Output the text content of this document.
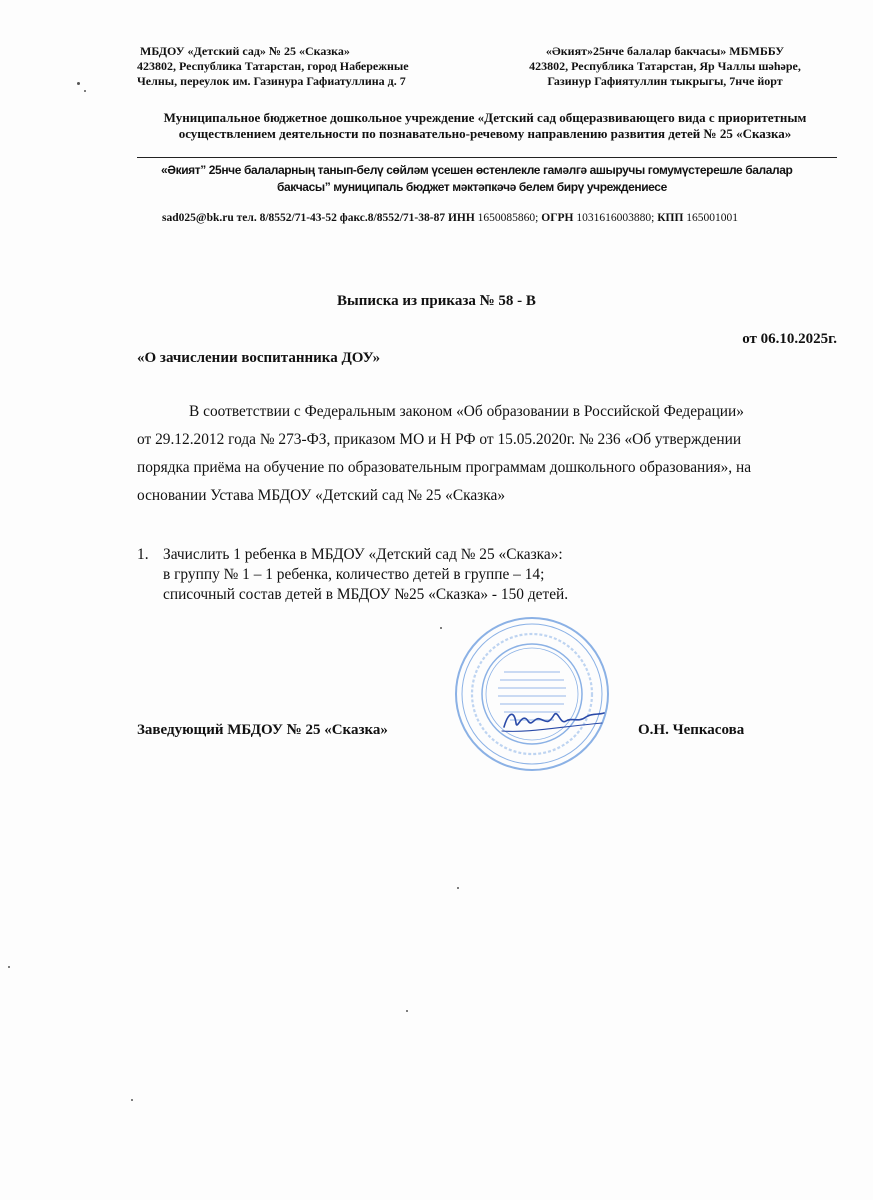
МБДОУ «Детский сад» № 25 «Сказка»
423802, Республика Татарстан, город Набережные
Челны, переулок им. Газинура Гафиатуллина д. 7
«Әкият»25нче балалар бакчасы» МБМББУ
423802, Республика Татарстан, Яр Чаллы шәһәре,
Газинур Гафиятуллин тыкрыгы, 7нче йорт
Муниципальное бюджетное дошкольное учреждение «Детский сад общеразвивающего вида с приоритетным осуществлением деятельности по познавательно-речевому направлению развития детей № 25 «Сказка»
«Әкият” 25нче балаларның танып-белү сөйләм үсешен өстенлекле гамәлгә ашыручы гомумүстерешле балалар
бакчасы” муниципаль бюджет мәктәпкәчә белем бирү учреждениесе
sad025@bk.ru тел. 8/8552/71-43-52 факс.8/8552/71-38-87 ИНН 1650085860; ОГРН 1031616003880; КПП 165001001
Выписка из приказа № 58 - В
от 06.10.2025г.
«О зачислении воспитанника ДОУ»
В соответствии с Федеральным законом «Об образовании в Российской Федерации»
от 29.12.2012 года № 273-ФЗ, приказом МО и Н РФ от 15.05.2020г. № 236 «Об утверждении
порядка приёма на обучение по образовательным программам дошкольного образования», на
основании Устава МБДОУ «Детский сад № 25 «Сказка»
1. Зачислить 1 ребенка в МБДОУ «Детский сад № 25 «Сказка»:
в группу № 1 – 1 ребенка, количество детей в группе – 14;
списочный состав детей в МБДОУ №25 «Сказка» - 150 детей.
Заведующий МБДОУ № 25 «Сказка»	О.Н. Чепкасова
